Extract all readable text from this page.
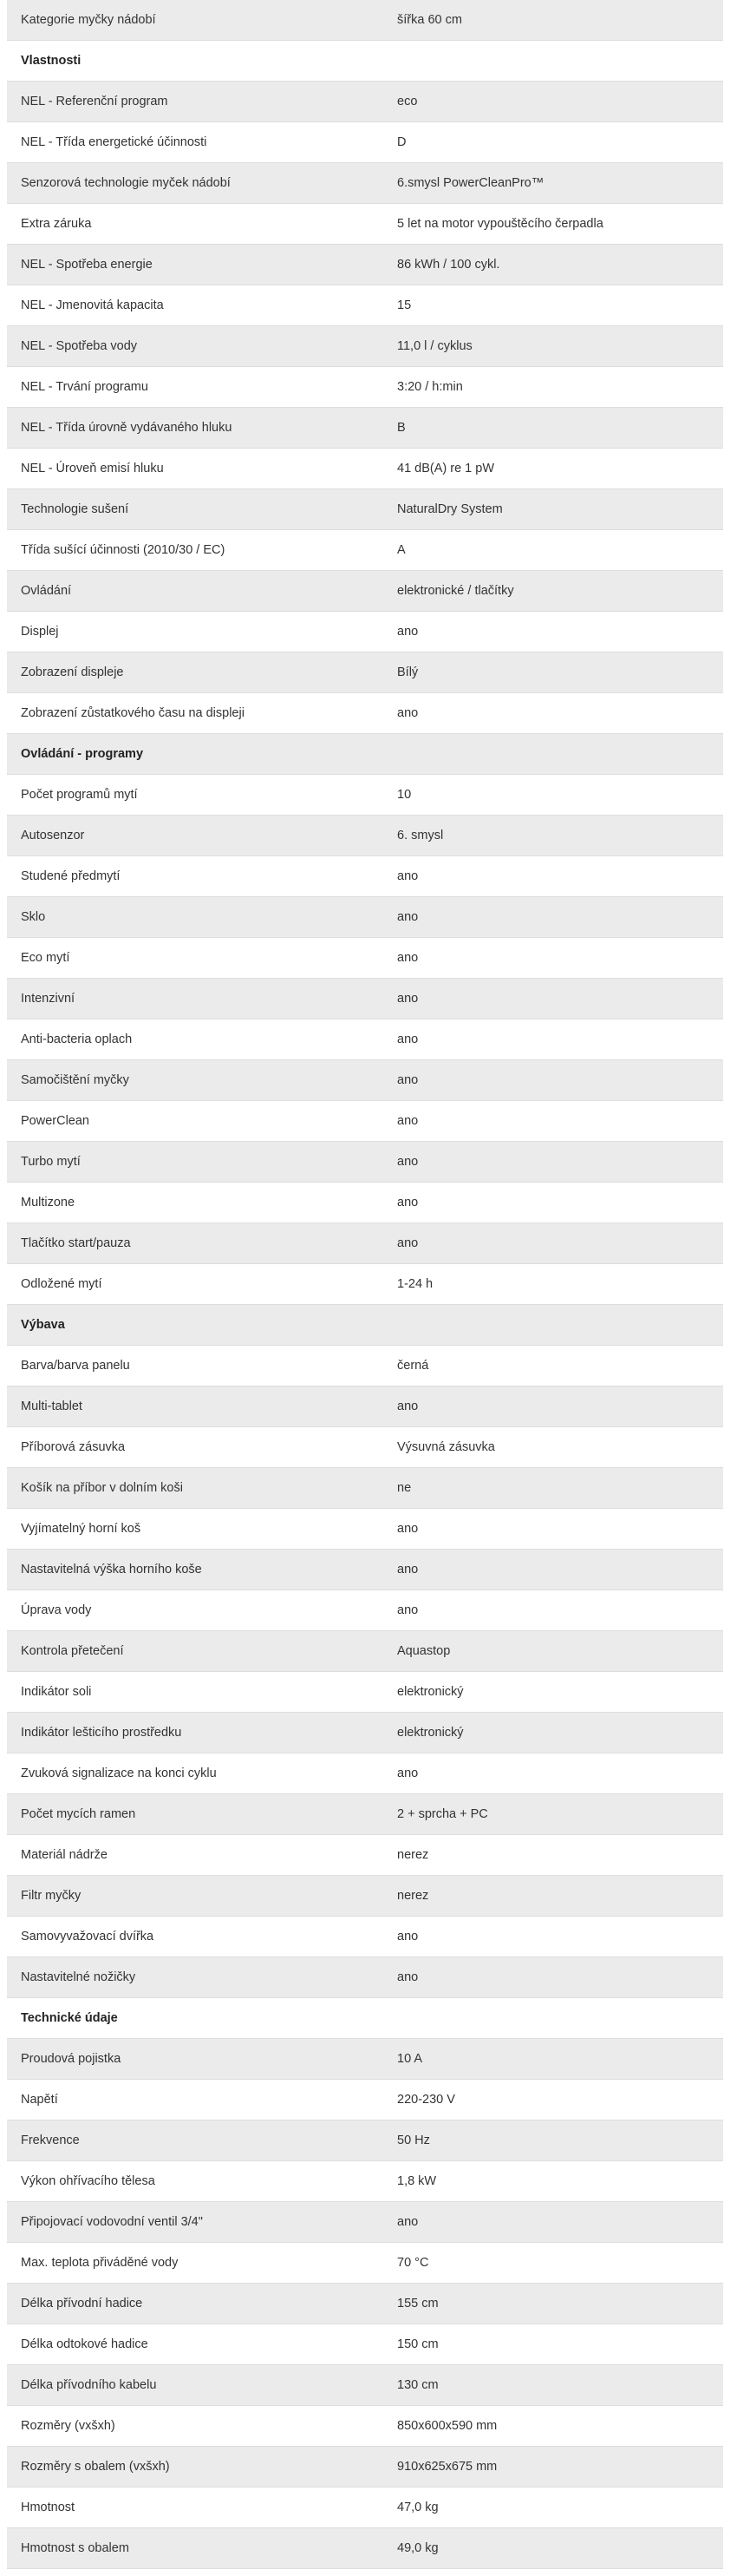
Kategorie myčky nádobí	šířka 60 cm
Vlastnosti	
NEL - Referenční program	eco
NEL - Třída energetické účinnosti	D
Senzorová technologie myček nádobí	6.smysl PowerCleanPro™
Extra záruka	5 let na motor vypouštěcího čerpadla
NEL - Spotřeba energie	86 kWh / 100 cykl.
NEL - Jmenovitá kapacita	15
NEL - Spotřeba vody	11,0 l / cyklus
NEL - Trvání programu	3:20 / h:min
NEL - Třída úrovně vydávaného hluku	B
NEL - Úroveň emisí hluku	41 dB(A) re 1 pW
Technologie sušení	NaturalDry System
Třída sušící účinnosti (2010/30 / EC)	A
Ovládání	elektronické / tlačítky
Displej	ano
Zobrazení displeje	Bílý
Zobrazení zůstatkového času na displeji	ano
Ovládání - programy	
Počet programů mytí	10
Autosenzor	6. smysl
Studené předmytí	ano
Sklo	ano
Eco mytí	ano
Intenzivní	ano
Anti-bacteria oplach	ano
Samočištění myčky	ano
PowerClean	ano
Turbo mytí	ano
Multizone	ano
Tlačítko start/pauza	ano
Odložené mytí	1-24 h
Výbava	
Barva/barva panelu	černá
Multi-tablet	ano
Příborová zásuvka	Výsuvná zásuvka
Košík na příbor v dolním koši	ne
Vyjímatelný horní koš	ano
Nastavitelná výška horního koše	ano
Úprava vody	ano
Kontrola přetečení	Aquastop
Indikátor soli	elektronický
Indikátor lešticího prostředku	elektronický
Zvuková signalizace na konci cyklu	ano
Počet mycích ramen	2 + sprcha + PC
Materiál nádrže	nerez
Filtr myčky	nerez
Samovyvažovací dvířka	ano
Nastavitelné nožičky	ano
Technické údaje	
Proudová pojistka	10 A
Napětí	220-230 V
Frekvence	50 Hz
Výkon ohřívacího tělesa	1,8 kW
Připojovací vodovodní ventil 3/4"	ano
Max. teplota přiváděné vody	70 °C
Délka přívodní hadice	155 cm
Délka odtokové hadice	150 cm
Délka přívodního kabelu	130 cm
Rozměry (vxšxh)	850x600x590 mm
Rozměry s obalem (vxšxh)	910x625x675 mm
Hmotnost	47,0 kg
Hmotnost s obalem	49,0 kg
